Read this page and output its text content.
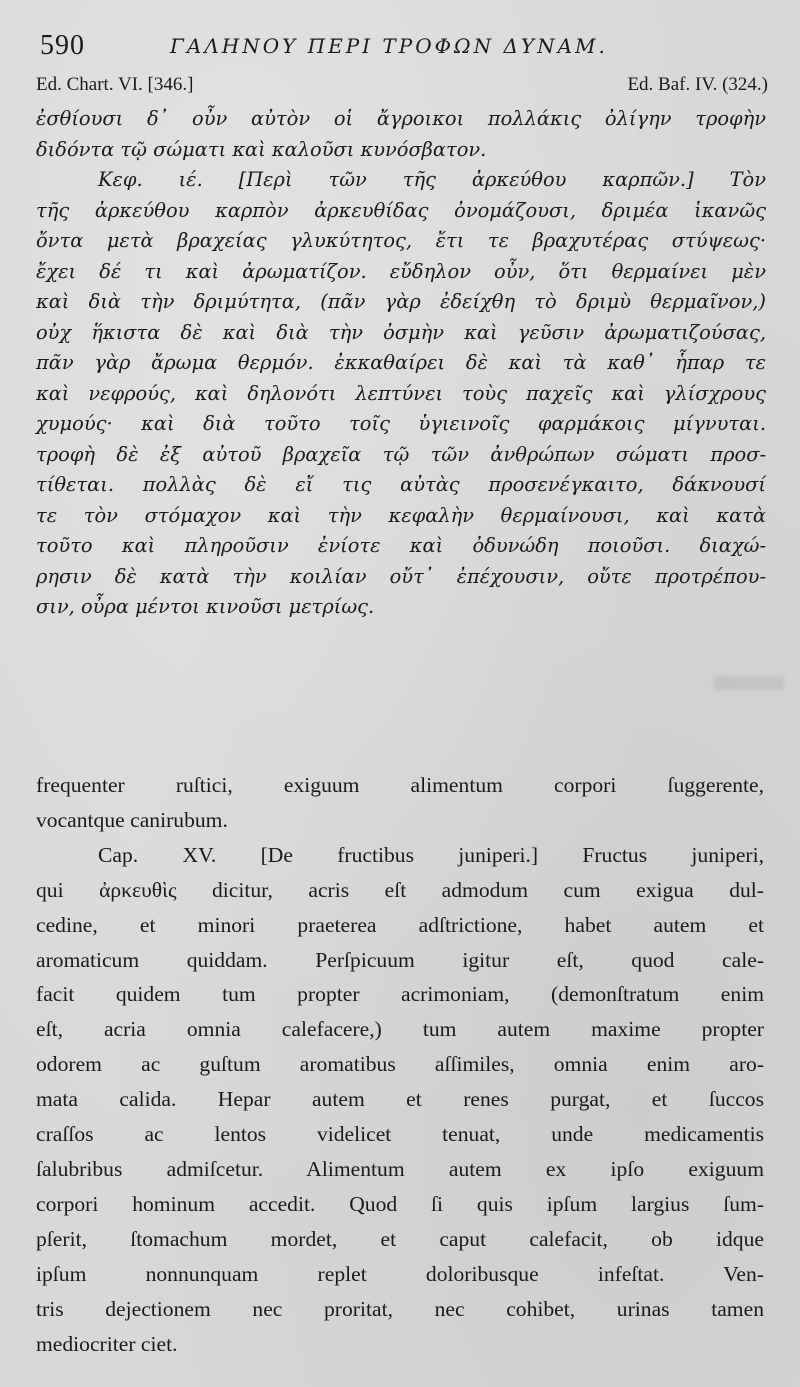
590	ΓΑΛΗΝΟΥ ΠΕΡΙ ΤΡΟΦΩΝ ΔΥΝΑΜ.
Ed. Chart. VI. [346.]	Ed. Baf. IV. (324.)
ἐσθίουσι δ᾽ οὖν αὐτὸν οἱ ἄγροικοι πολλάκις ὀλίγην τροφὴν
διδόντα τῷ σώματι καὶ καλοῦσι κυνόσβατον.
Κεφ. ιέ. [Περὶ τῶν τῆς ἀρκεύθου καρπῶν.] Τὸν
τῆς ἀρκεύθου καρπὸν ἀρκευθίδας ὀνομάζουσι, δριμέα ἱκανῶς
ὄντα μετὰ βραχείας γλυκύτητος, ἔτι τε βραχυτέρας στύψεως·
ἔχει δέ τι καὶ ἀρωματίζον. εὔδηλον οὖν, ὅτι θερμαίνει μὲν
καὶ διὰ τὴν δριμύτητα, (πᾶν γὰρ ἐδείχθη τὸ δριμὺ θερμαῖνον,)
οὐχ ἥκιστα δὲ καὶ διὰ τὴν ὀσμὴν καὶ γεῦσιν ἀρωματιζούσας,
πᾶν γὰρ ἄρωμα θερμόν. ἐκκαθαίρει δὲ καὶ τὰ καθ᾽ ἧπαρ τε
καὶ νεφρούς, καὶ δηλονότι λεπτύνει τοὺς παχεῖς καὶ γλίσχρους
χυμούς· καὶ διὰ τοῦτο τοῖς ὑγιεινοῖς φαρμάκοις μίγνυται.
τροφὴ δὲ ἐξ αὐτοῦ βραχεῖα τῷ τῶν ἀνθρώπων σώματι προσ-
τίθεται. πολλὰς δὲ εἴ τις αὐτὰς προσενέγκαιτο, δάκνουσί
τε τὸν στόμαχον καὶ τὴν κεφαλὴν θερμαίνουσι, καὶ κατὰ
τοῦτο καὶ πληροῦσιν ἐνίοτε καὶ ὀδυνώδη ποιοῦσι. διαχώ-
ρησιν δὲ κατὰ τὴν κοιλίαν οὔτ᾽ ἐπέχουσιν, οὔτε προτρέπου-
σιν, οὖρα μέντοι κινοῦσι μετρίως.
frequenter ruſtici, exiguum alimentum corpori ſuggerente,
vocantque canirubum.
Cap. XV. [De fructibus juniperi.] Fructus juniperi,
qui ἀρκευθὶς dicitur, acris eſt admodum cum exigua dul-
cedine, et minori praeterea adſtrictione, habet autem et
aromaticum quiddam. Perſpicuum igitur eſt, quod cale-
facit quidem tum propter acrimoniam, (demonſtratum enim
eſt, acria omnia calefacere,) tum autem maxime propter
odorem ac guſtum aromatibus aſſimiles, omnia enim aro-
mata calida. Hepar autem et renes purgat, et ſuccos
craſſos ac lentos videlicet tenuat, unde medicamentis
ſalubribus admiſcetur. Alimentum autem ex ipſo exiguum
corpori hominum accedit. Quod ſi quis ipſum largius ſum-
pſerit, ſtomachum mordet, et caput calefacit, ob idque
ipſum nonnunquam replet doloribusque infeſtat. Ven-
tris dejectionem nec proritat, nec cohibet, urinas tamen
mediocriter ciet.
